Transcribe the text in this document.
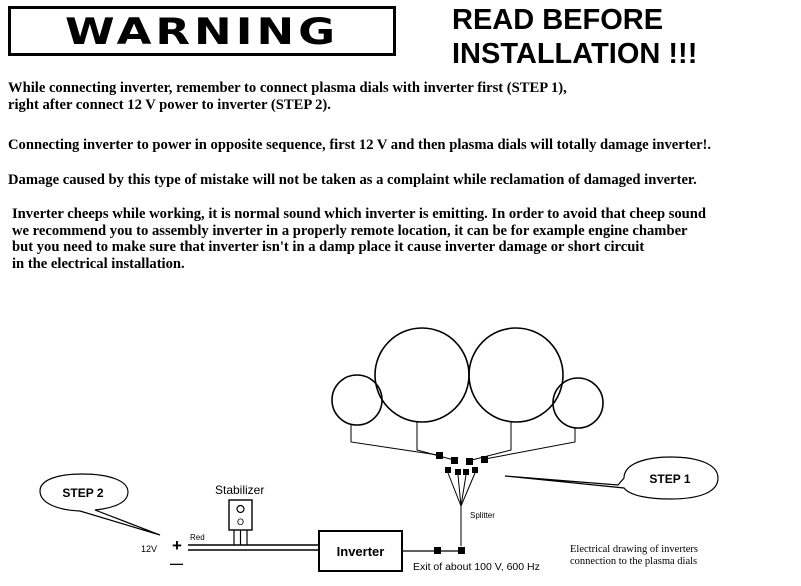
WARNING	READ BEFORE
INSTALLATION !!!
While connecting inverter, remember to connect plasma dials with inverter first (STEP 1),
right after connect 12 V power to inverter (STEP 2).
Connecting inverter to power in opposite sequence, first 12 V and then plasma dials will totally damage inverter!.
Damage caused by this type of mistake will not be taken as a complaint while reclamation of damaged inverter.
Inverter cheeps while working, it is normal sound which inverter is emitting. In order to avoid that cheep sound
we recommend you to assembly inverter in a properly remote location, it can be for example engine chamber
but you need to make sure that inverter isn't in a damp place it cause inverter damage or short circuit
in the electrical installation.
Splitter
STEP 1
STEP 2
12V +
—
Red
Stabilizer
O
Inverter
Exit of about 100 V, 600 Hz
Electrical drawing of inverters
connection to the plasma dials
